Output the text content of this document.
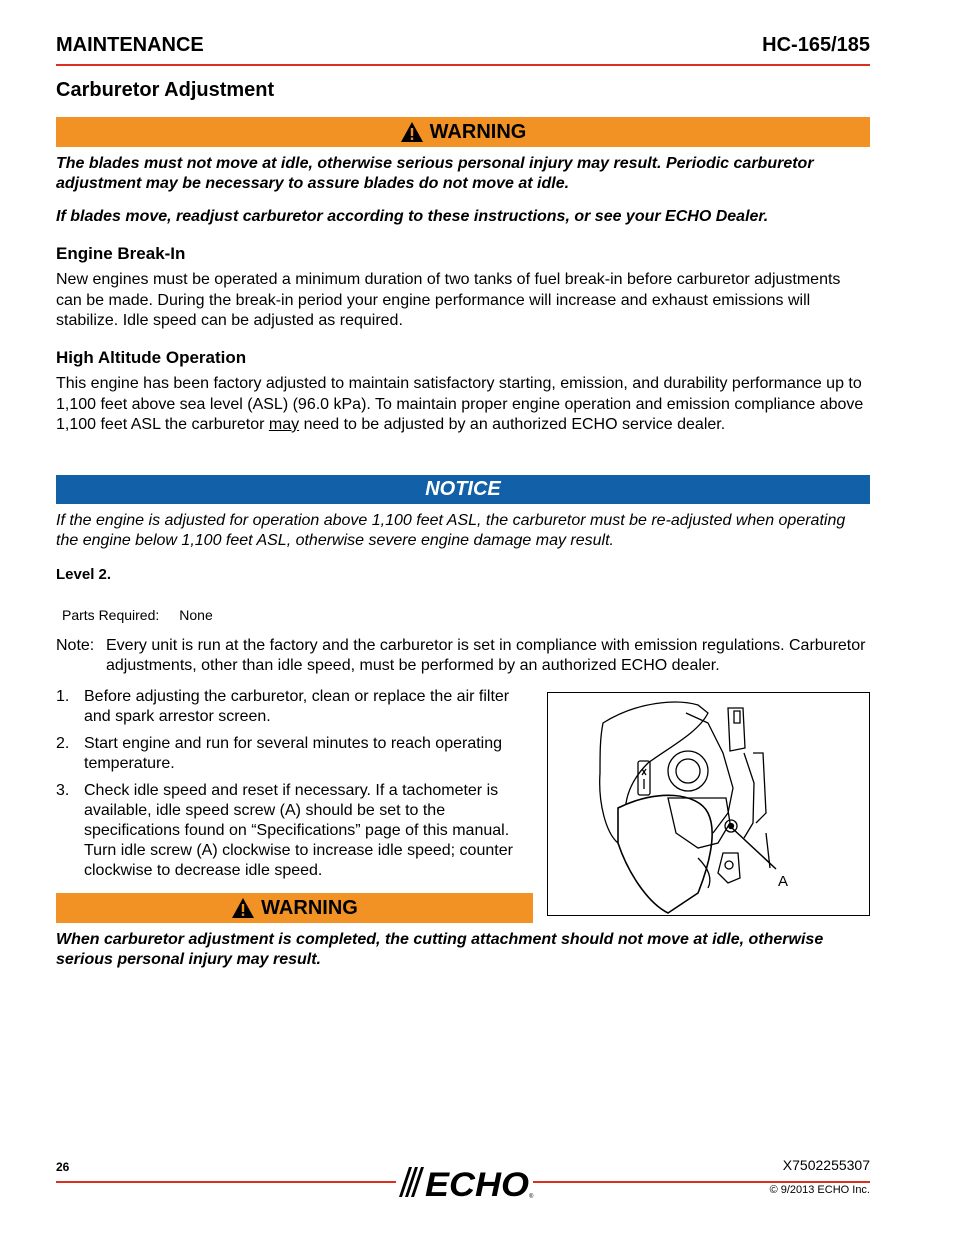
MAINTENANCE	HC-165/185
Carburetor Adjustment
WARNING
The blades must not move at idle, otherwise serious personal injury may result. Periodic carburetor adjustment may be necessary to assure blades do not move at idle.
If blades move, readjust carburetor according to these instructions, or see your ECHO Dealer.
Engine Break-In
New engines must be operated a minimum duration of two tanks of fuel break-in before carburetor adjustments can be made. During the break-in period your engine performance will increase and exhaust emissions will stabilize. Idle speed can be adjusted as required.
High Altitude Operation
This engine has been factory adjusted to maintain satisfactory starting, emission, and durability performance up to 1,100 feet above sea level (ASL) (96.0 kPa). To maintain proper engine operation and emission compliance above 1,100 feet ASL the carburetor may need to be adjusted by an authorized ECHO service dealer.
NOTICE
If the engine is adjusted for operation above 1,100 feet ASL, the carburetor must be re-adjusted when operating the engine below 1,100 feet ASL, otherwise severe engine damage may result.
Level 2.
Parts Required: None
Note: Every unit is run at the factory and the carburetor is set in compliance with emission regulations. Carburetor adjustments, other than idle speed, must be performed by an authorized ECHO dealer.
1. Before adjusting the carburetor, clean or replace the air filter and spark arrestor screen.
2. Start engine and run for several minutes to reach operating temperature.
3. Check idle speed and reset if necessary. If a tachometer is available, idle speed screw (A) should be set to the specifications found on “Specifications” page of this manual. Turn idle screw (A) clockwise to increase idle speed; counter clockwise to decrease idle speed.
A
WARNING
When carburetor adjustment is completed, the cutting attachment should not move at idle, otherwise serious personal injury may result.
26	ECHO ®
X7502255307
© 9/2013 ECHO Inc.
